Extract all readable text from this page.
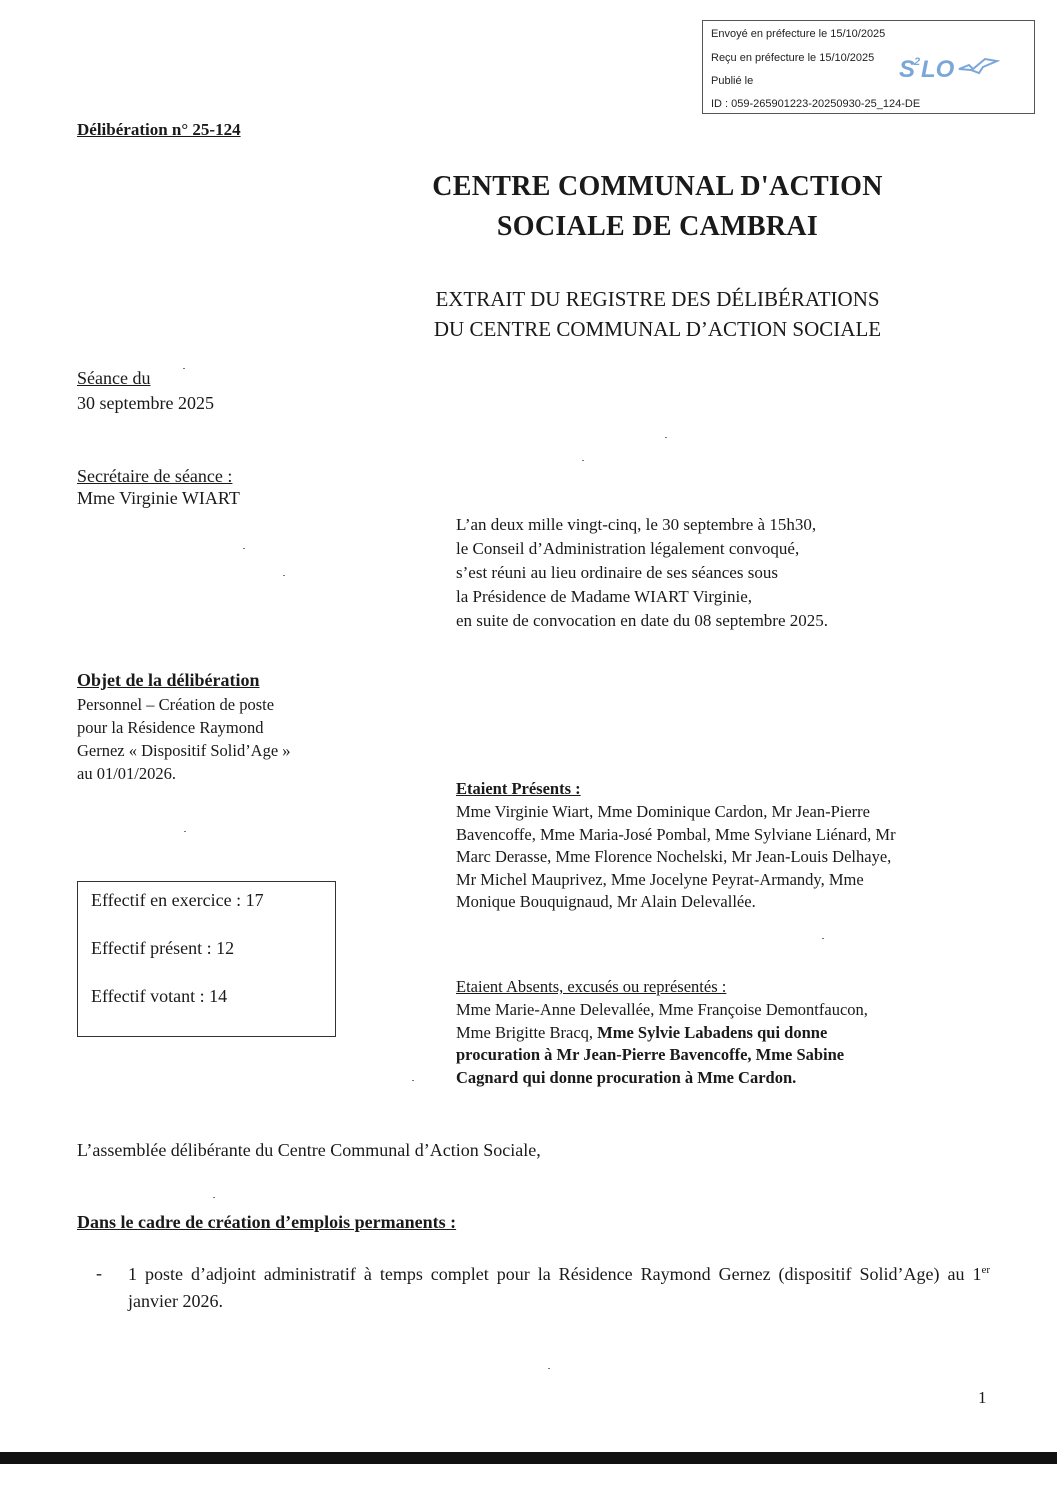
Envoyé en préfecture le 15/10/2025
Reçu en préfecture le 15/10/2025
Publié le
ID : 059-265901223-20250930-25_124-DE
S
2 LO
Délibération n° 25-124
CENTRE COMMUNAL D'ACTION
SOCIALE DE CAMBRAI
EXTRAIT DU REGISTRE DES DÉLIBÉRATIONS
DU CENTRE COMMUNAL D’ACTION SOCIALE
Séance du
30 septembre 2025
Secrétaire de séance :
Mme Virginie WIART
L’an deux mille vingt-cinq, le 30 septembre à 15h30,
le Conseil d’Administration légalement convoqué,
s’est réuni au lieu ordinaire de ses séances sous
la Présidence de Madame WIART Virginie,
en suite de convocation en date du 08 septembre 2025.
Objet de la délibération
Personnel – Création de poste
pour la Résidence Raymond
Gernez « Dispositif Solid’Age »
au 01/01/2026.
Effectif en exercice : 17
Effectif présent : 12
Effectif votant : 14
Etaient Présents :
Mme Virginie Wiart, Mme Dominique Cardon, Mr Jean-Pierre
Bavencoffe, Mme Maria-José Pombal, Mme Sylviane Liénard, Mr
Marc Derasse, Mme Florence Nochelski, Mr Jean-Louis Delhaye,
Mr Michel Mauprivez, Mme Jocelyne Peyrat-Armandy, Mme
Monique Bouquignaud, Mr Alain Delevallée.
Etaient Absents, excusés ou représentés :
Mme Marie-Anne Delevallée, Mme Françoise Demontfaucon,
Mme Brigitte Bracq, Mme Sylvie Labadens qui donne
procuration à Mr Jean-Pierre Bavencoffe, Mme Sabine
Cagnard qui donne procuration à Mme Cardon.
L’assemblée délibérante du Centre Communal d’Action Sociale,
Dans le cadre de création d’emplois permanents :
- 1 poste d’adjoint administratif à temps complet pour la Résidence Raymond Gernez (dispositif Solid’Age) au 1er janvier 2026.
1
